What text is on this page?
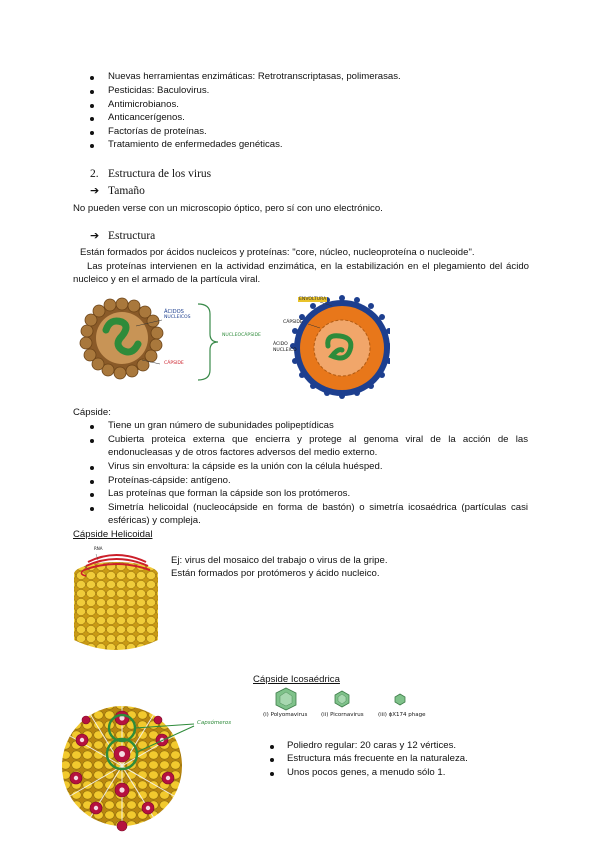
Nuevas herramientas enzimáticas: Retrotranscriptasas, polimerasas.
Pesticidas: Baculovirus.
Antimicrobianos.
Anticancerígenos.
Factorías de proteínas.
Tratamiento de enfermedades genéticas.
2. Estructura de los virus
➔ Tamaño
No pueden verse con un microscopio óptico, pero sí con uno electrónico.
➔ Estructura
Están formados por ácidos nucleicos y proteínas: "core, núcleo, nucleoproteína o nucleoide".
Las proteínas intervienen en la actividad enzimática, en la estabilización en el plegamiento del ácido nucleico y en el armado de la partícula viral.
ÁCIDOS
NUCLEICOS
CÁPSIDE
NUCLEOCÁPSIDE
ENVOLTURA
CÁPSIDE
ÁCIDO
NUCLEICO
Cápside:
Tiene un gran número de subunidades polipeptídicas
Cubierta proteica externa que encierra y protege al genoma viral de la acción de las endonucleasas y de otros factores adversos del medio externo.
Virus sin envoltura: la cápside es la unión con la célula huésped.
Proteínas-cápside: antígeno.
Las proteínas que forman la cápside son los protómeros.
Simetría helicoidal (nucleocápside en forma de bastón) o simetría icosaédrica (partículas casi esféricas) y compleja.
Cápside Helicoidal
RNA
Ej: virus del mosaico del trabajo o virus de la gripe.
Están formados por protómeros y ácido nucleico.
Cápside Icosaédrica
(i) Polyomavirus (ii) Picornavirus	(iii) ϕX174 phage
Capsómeros
Poliedro regular: 20 caras y 12 vértices.
Estructura más frecuente en la naturaleza.
Unos pocos genes, a menudo sólo 1.
